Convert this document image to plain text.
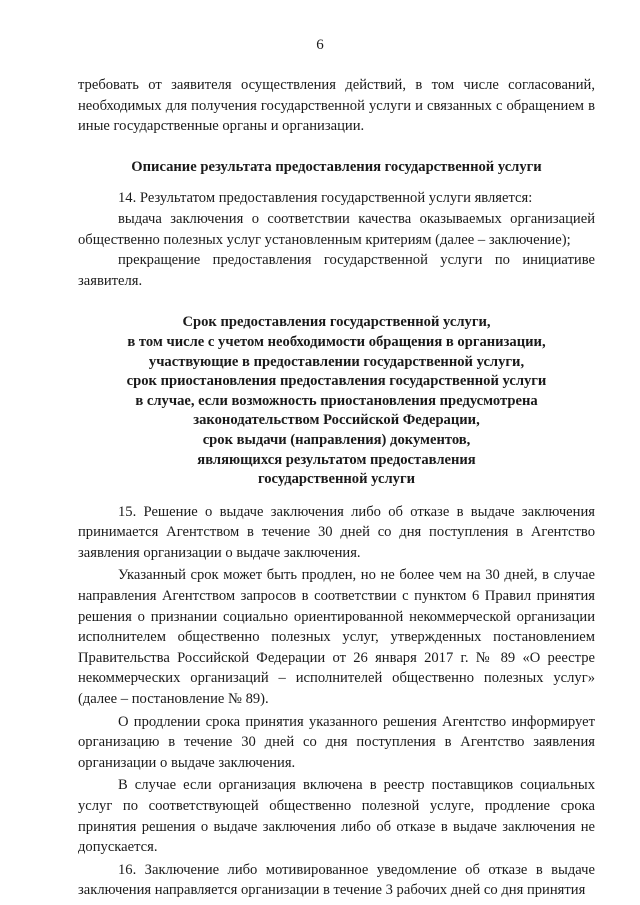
6

требовать от заявителя осуществления действий, в том числе согласований, необходимых для получения государственной услуги и связанных с обращением в иные государственные органы и организации.

Описание результата предоставления государственной услуги

14. Результатом предоставления государственной услуги является:

выдача заключения о соответствии качества оказываемых организацией общественно полезных услуг установленным критериям (далее – заключение);

прекращение предоставления государственной услуги по инициативе заявителя.

Срок предоставления государственной услуги,
в том числе с учетом необходимости обращения в организации,
участвующие в предоставлении государственной услуги,
срок приостановления предоставления государственной услуги
в случае, если возможность приостановления предусмотрена
законодательством Российской Федерации,
срок выдачи (направления) документов,
являющихся результатом предоставления
государственной услуги

15. Решение о выдаче заключения либо об отказе в выдаче заключения принимается Агентством в течение 30 дней со дня поступления в Агентство заявления организации о выдаче заключения.

Указанный срок может быть продлен, но не более чем на 30 дней, в случае направления Агентством запросов в соответствии с пунктом 6 Правил принятия решения о признании социально ориентированной некоммерческой организации исполнителем общественно полезных услуг, утвержденных постановлением Правительства Российской Федерации от 26 января 2017 г. № 89 «О реестре некоммерческих организаций – исполнителей общественно полезных услуг» (далее – постановление № 89).

О продлении срока принятия указанного решения Агентство информирует организацию в течение 30 дней со дня поступления в Агентство заявления организации о выдаче заключения.

В случае если организация включена в реестр поставщиков социальных услуг по соответствующей общественно полезной услуге, продление срока принятия решения о выдаче заключения либо об отказе в выдаче заключения не допускается.

16. Заключение либо мотивированное уведомление об отказе в выдаче заключения направляется организации в течение 3 рабочих дней со дня принятия
